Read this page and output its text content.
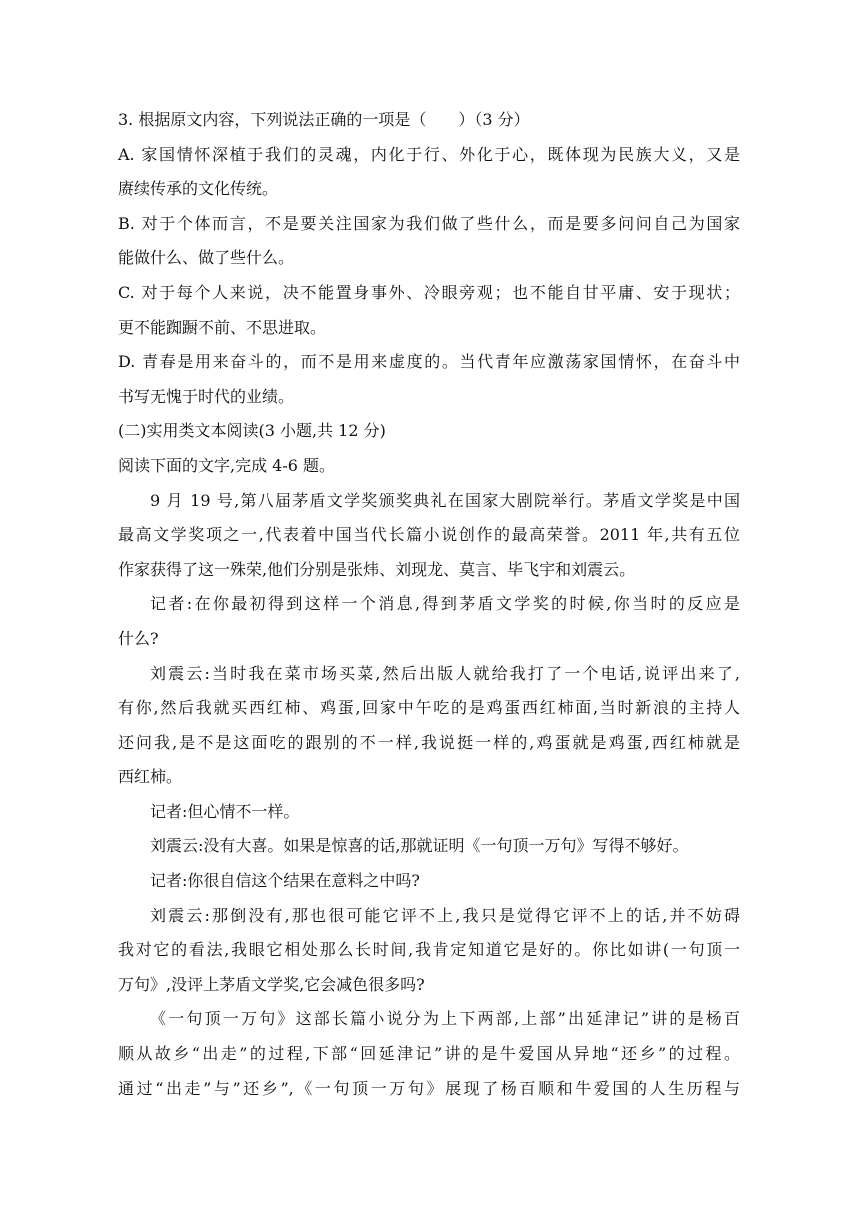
3. 根据原文内容，下列说法正确的一项是（　　）（3 分）

A. 家国情怀深植于我们的灵魂，内化于行、外化于心，既体现为民族大义，又是

赓续传承的文化传统。

B. 对于个体而言，不是要关注国家为我们做了些什么，而是要多问问自己为国家

能做什么、做了些什么。

C. 对于每个人来说，决不能置身事外、冷眼旁观；也不能自甘平庸、安于现状；

更不能踟蹰不前、不思进取。

D. 青春是用来奋斗的，而不是用来虚度的。当代青年应激荡家国情怀，在奋斗中

书写无愧于时代的业绩。

(二)实用类文本阅读(3 小题,共 12 分)

阅读下面的文字,完成 4-6 题。

9 月 19 号,第八届茅盾文学奖颁奖典礼在国家大剧院举行。茅盾文学奖是中国

最高文学奖项之一,代表着中国当代长篇小说创作的最高荣誉。2011 年,共有五位

作家获得了这一殊荣,他们分别是张炜、刘现龙、莫言、毕飞宇和刘震云。

记者:在你最初得到这样一个消息,得到茅盾文学奖的时候,你当时的反应是

什么?

刘震云:当时我在菜市场买菜,然后出版人就给我打了一个电话,说评出来了,

有你,然后我就买西红柿、鸡蛋,回家中午吃的是鸡蛋西红柿面,当时新浪的主持人

还问我,是不是这面吃的跟别的不一样,我说挺一样的,鸡蛋就是鸡蛋,西红柿就是

西红柿。

记者:但心情不一样。

刘震云:没有大喜。如果是惊喜的话,那就证明《一句顶一万句》写得不够好。

记者:你很自信这个结果在意料之中吗?

刘震云:那倒没有,那也很可能它评不上,我只是觉得它评不上的话,并不妨碍

我对它的看法,我眼它相处那么长时间,我肯定知道它是好的。你比如讲(一句顶一

万句》,没评上茅盾文学奖,它会减色很多吗?

《一句顶一万句》这部长篇小说分为上下两部,上部”出延津记”讲的是杨百

顺从故乡“出走”的过程,下部“回延津记”讲的是牛爱国从异地“还乡”的过程。

通过“出走”与”还乡”,《一句顶一万句》展现了杨百顺和牛爱国的人生历程与
